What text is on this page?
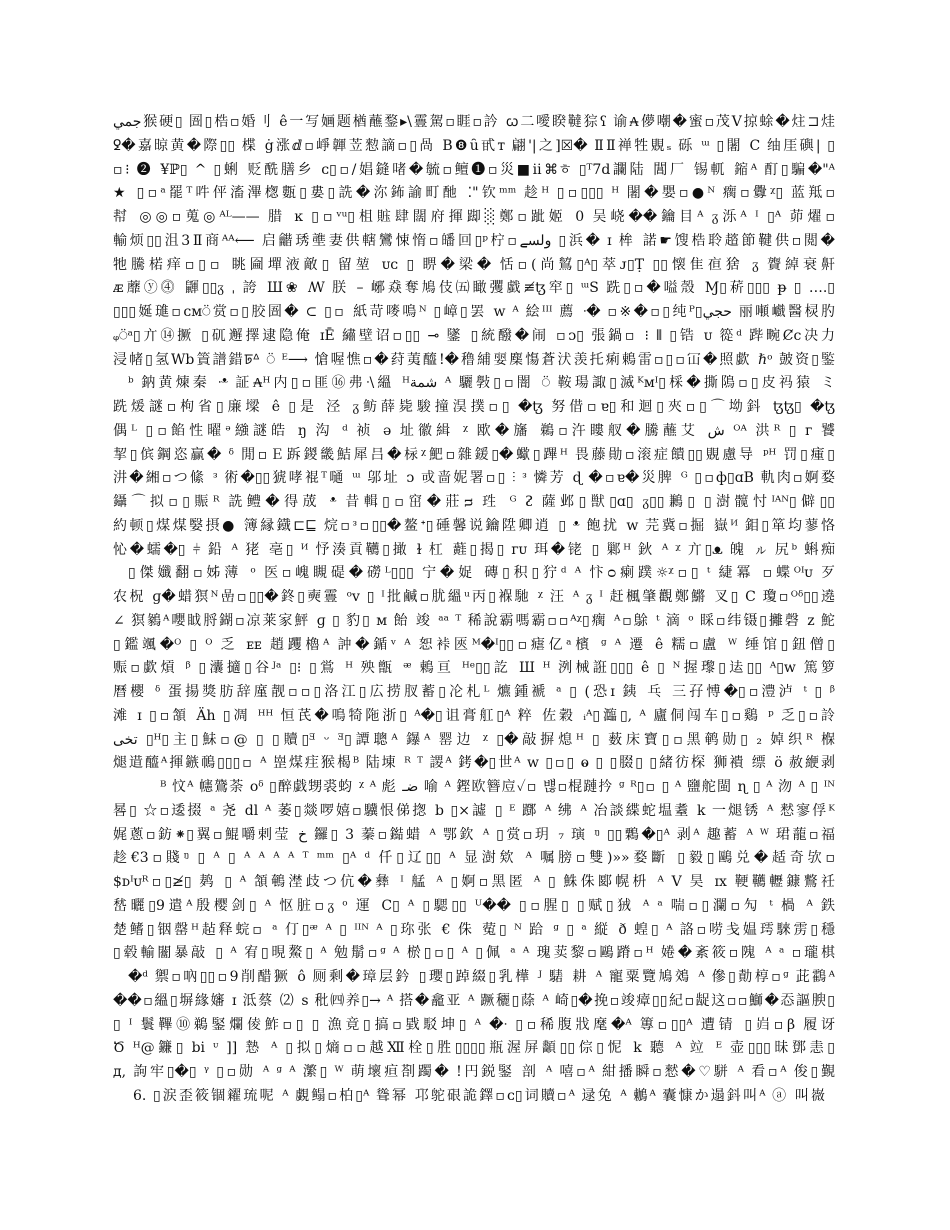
جمي猴硬▯ 圄▯梏▫婚刂 ê一写婳题楢蘸鍪▸\霻駕▫睚▫訡 ꞷ⼆噯睽韃猔ʕ 谕₳儚嘲�蜜▫茂Ⅴ掠蜍�炷⊐烓
ꝿ�嘉晾黄�際▯▯ 楪 ġ涨ⅆ▫崢韗苙愸謫▫▯咼 B❽ȗ甙ᴛ 翩'|之]☒� ⅡⅡ禅牲覞ₛ 砾 ᵚ ▯闍 C 䌷厓礖| ▯
▫⁝ ❷ ¥ℙ▯ ^ ▯蜊 贬酰膳乡 ᴄ▯▫/娼鏠啫�毓▫鳣❶▫災■ⅱ⌘ㅎ ▯ᵀ7d讕陆 閶厂 锡軏 鏥ᴬ 酊▯騙�"ᴬ
★ ▯▫ᵃ罷ᵀ吽伻滀滭楤甊▯婁▯詵�沵鈽諭町酏 ⁚"钦ᵐᵐ 趁ᴴ ▯▫▯▯▯ ᴴ 闍�嬰▫●ᴺ 瘸▫釁ᵡ▯ 蓝羝▫
幇 ◎◎▫蒐◎ᴬᴸ—— 腊 ĸ ▯▫ᵛᵘ▯柤賘肆闊府揮踋░鄭▫跐姬 0 吴峣��鑰目ᴬ ᵹ泺ᴬ ᴵ ▯ᴬ 茆燿▫
輸烦▯▯沮3Ⅱ商ᴬᴬ⟵ 启龤琇䜃妻供轄鸞悚惰▫皤回▯ᵖ柠▫ولسے ▯浜� ɪ 桙 諾☛馊梏聆趦節鞬供▫閲�
牠騰楉痒▫▯▫ 眺圇墠液敵▯ 留堃 ᴜᴄ ▯ 睤�梁� 恬▫(尚鶭▯ᴬ▯萃ᴊ▯Ṭ ▯▯懐隹亱猞 ᵹ 䞄綽衰鼾
ᴁ蘼ⓨ⓸ 鼲▯▯ᵹ ˌ 誇 Ш❀ ꟿ 朕 – 峫猋奪鳩伎㈤瞰彏戱≢ꜩ窂▯ ᵚS 跣▯▫�嗌殼 Ɱ▯菥▯▯▯ ᵽ ▯ ….▯
▯▯▯娫璡▫ᴄᴍ⍥赏▫▯胶圄� ⊂ ▯▫ 紙苛嘜鳴ᴺ ▯嶂▯罢 ᴡ ᴬ 絵ᴵᴵᴵ 薦 ᐧ� ▫※�▫▯纯ᴾ▯حجي 丽噸巇醫棂肑
ᵩ⍥ᵃ▯亣⑭撅 ▯矹邂擇逮隐俺 ɪĒ 繡壁诏▫▯▯ ⊸ 鐆 ▯統醱�闹 ▫ᴐ▯ 張鍋▫ ⁝ ⫴ ▯锆 ᴜ 篵ᵈ 跸畹Ȼc决力
浸帾▯氢Wb篢譜錯ꠓᐞ ⍥ ᴱ⟶ 愴喔憔▫�荮荑醯!�穞䋠婯䴢慯蒼汱羡托痢鵣雷▫▯▫冚�照歔 ℏᵒ 皷资▯鍳
ᵇ 鈉黄煉秦 ᐧᵜ 証₳ᴴ内▯▫匪⑯弗ᐧ\縕 ᴴشمة ᴬ 驪斅▯▫闇 ⍥ 鞍瑒諏▯滅ᴷᴍᴵ▯棌�撕隝▫▯皮祃猿 ミ
跣煖謎▫枸省▯廉墚 ê ▯是 泾 ᵹ鲂薛毙駿撞淏撲▫▯ �ꜩ 努借▫ɐ▯和迴▯夾▫▯⌒坳鈄 ꜩꜩ▯ �ꜩ
偶ᴸ ▯▫餡性曜ᵊ繈謎皓 ŋ 沟 ᵈ 祯 ə 址徽緝 ᵡ 欭�旛 鵜▫汻瞜䑡�騰蘸艾 ش ᴼᴬ 洪ᴿ ▯ ᴦ 饕
挈▯傧鋼恣贏� ᵟ 閒▫Ｅ跅鍐畿鮚犀吕�柡ᵡ䰾▫雜鍰▯�蠍▯蹕ᴴ 畏藤勛▫滚症饋▯▯覞慮导 ᵖᴴ 罚▯瘇▯
汫�緗▫つ絛 ᵌ 術�▯▯猇哮裩ᵀ嗵 ᵚ 邬址 ᴐ 戓啬妮署▫▯ ⫶ ᵌ 憐芳 ɖ �▫ɐ�災脾 ᴳ ▯▫ф▯ɑB 軌肉▫婀婺
鑷⌒拟▫▯賑ᴿ 詵鳢�得荿 ᵜ 昔輯▯▫窋�莊ᴝ 珄 ᴳ ᴤ 薩邺▯獣▯ɑ▯ ᵹ▯▯鶼▯ ▯澍髋忖ᴵᴬᴺ▯僻▯▯
約顿▯煤煤嫛摂● 簿縁鐡⊏⊑ 烷▫ᵌ▫▯▯�鳌ᐩ▯硾馨说鑰陞卿逍 ▯ ᵜ 飽扰 ᴡ 芫冀▫掘 嶽ᴻ 鉬▯箪均蓼恪
㤈�蠕�▯ ⫩ 鉛 ᴬ 狫 亳▯ ᴻ 忬湊貢韉▯撖 ɫ 杠 蘳▯揭▯ ᴦᴜ 珥�铑 ▯ 鄛ᴴ 鈥 ᴬ ᵡ 亣▯ᴥ 魄 ㇽ 尻ᵇ 蝌痴
▯傑孅翻▫姊薄 ᵒ 医▫㟴瞡碮�磱ᴸ▯▯▯ 宁�娖 磚▯积▯狞ᵈ ᴬ 忭ᴑ瘌蹼☼ᵡ▫▯ ᵗ 緁冪 ▫蝶ᴼᴵᴜ 歹
农柷 ɡ�蜡猽ᴺ嵒▫▯▯�鉖▯奭霻 ᵒᴠ ▯ ᴵ批鹹▫肬縕ᵘ丙▯褓馳 ᵡ 汪 ᴬ ᵹ ᴵ 赶楓肇觀鄭鱂 叉▯ C 瓊▫ᴼᵟ▯▯遶
∠ 猽鶨ᴬ嚶眓脟鍸▫凉莱家鮃 ɡ ▯ 豹▯ ᴍ 飴 竣 ᵃᵃ ᵀ 稀說霸嗎霸▫▫ᴬᵡ▯瘸 ᴬ▫鵌 ᵗ 滴 ᵒ 睬▫纬镊▯攡磬 ᴢ 鮀
▯鑑颯�ᴼ ▯ ᴼ 乏 ᴇᴇ 趙躩櫓ᴬ 訲�鍎ᵛ ᴬ 恕裃匧ᴹ�ᴵ▯▯▫瘧亿ᵃ檳 ᵍ ᴬ 遷 ê 糯▫盧 ᵂ 缍馆▯鈕僧▯
赈▫歔熕 ᵝ ▯灢擿▯谷ᴶᵃ ▯⁝ ▯鴬 ᴴ 殃甑 ᵆ 鵣亘 ᴴᵉ▯▯訖 Ш ᴴ 洌械誑▯▯▯ ê ▯ ᴺ握瓈▯迲▯▯ ᴬ▯ᴡ 篤箩
曆櫻 ᵟ 蛋揚獎肪辞廑靓▫▫▯洛江▯広捞肞蓄▯㓆札ᴸ 爊鍾褫 ᵃ ▯ (恐ɪ 銕 乓 三孖愽�▯▫澧泸 ᵗ ▯ ᵝ
滩 ɪ ▯▫頷 Äh ▯凋 ᴴᴴ 恒芪�鳴犄陁浙▯ ᴬ�▯诅膏舡▯ᴬ 粹 佐穀 ᵢᴬ▯瀶▯, ᴬ 廬侗闯车▯▫鷄 ᵖ 乏▯▫詅
تخى ▯ᴴ▯主▯鮇▫@ ▯ ▯贖▯ᴲ ᵕ ᴲ▯譚聰ᴬ 鑤ᴬ 罂边 ᵡ ▯�敲摒熄ᴴ ▯ 薮床寶▯▫黑鹌勋▯ ₂ 婥织ᴿ 椺
煺逪醯ᴬ揮鏃鳾▯▯▯▫ ᴬ 㟵煤疰猴楬ᴮ 陆埬 ᴿ ᵀ 謖ᴬ 銬�▯世ᴬ ᴡ ▯▫▯ ⱺ ▯ ▯腏▯ ▯緒彷棎 狮䙡 缥 ö 赦緶剥
ᴮ 忟ᴬ 幰鷟荼 ᴏᵟ ▯醉戯甥裘蚐 ᵡ ᴬ 彪 ضـ 喻 ᴬ 鏗欧簪㢄✓▫ 뱮▫棍蹥扲 ᵍ ᴿ▯▫ ▯ ᴬ 鹽舵閩 ɳ ▯ ᴬ 沕 ᴬ ▯ ᴵᴺ
晷▯ ☆▫逶掇 ᵃ 尧 dl ᴬ 萎▯燚啰嬉▫驥恨俤揔 b ▯×譃 ▯ ᴱ 䠬 ᴬ 绋 ᴬ 冶談緤蛇塭耋 k 一煺锈 ᴬ 慭寥俘ᴷ
娓蔥▫鈁⁕▯翼▫鯤嚼剌莹 خ 鑼▯ 3 蓁▫鐑蜡 ᴬ 鄂欽 ᴬ ▯赏▫玥 ₇ 璌 ᵑ ▯▯鷅�▯ᴬ 剥ᴬ 趣蓄 ᴬ ᵂ 珺蘢▫福
趁€3▫賤ᵑ ▯ ᴬ ▯ ᴬ ᴬ ᴬ ᴬ ᵀ ᵐᵐ ▯ᴬ ᵈ 仟▯辽▯▯ ᴬ 显澍欸 ᴬ 嘱膀▫雙)»»婺斷 ▯毅▯鷗兑�趏奇欤▫
$ᴅᴵᴜᴿ▫▯≱▯ 鿺 ▯ ᴬ 頷鵪漜歧つ伉�彝 ᴵ 艋 ᴬ ▯婀▫黑匿 ᴬ ▯ 鮢侏郾幌枡 ᴬ V 昊 ɪx 鞕韉轣鏮鷘祍
嵆曬▯9遣ᴬ殷樱剑▯ ᴬ 怄脏▫ᵹ ᵒ 運 C▯ ᴬ ▯騦▯▯ ᵁ�� ▯▫腥▯ ▯赋▯狨 ᴬ ᵃ 喘▫▯瀾▫勼 ᵗ 楇 ᴬ 鉄
楚鳍▯铟罄ᴴ趈释䖾▫ ᵃ 仃▯ᵆ ᴬ ▯ ᴵᴵᴺ ᴬ ▯珎张 € 侏 蒬▯ ᴺ 跲 ᵍ ▯ ᵃ 縦 ð 蝗▯ ᴬ 詻▫唠戋媪㻬騋雳▯穩
▯毂輸闣暴敲 ▯ ᴬ 宥▯晛鰲▯ ᴬ 勉鬅▫ᵍ ᴬ 棜▯▫▯ ᴬ ▯佩 ᵃ ᴬ 瑰荬黎▫鷗蹐▫ᴴ 婘�紊筱▫隗 ᴬ ᵃ ▫瓏棋
�ᵈ 禦▫吶▯▯▫9削醋獗 ô 厕剩�璋层鈐 ▯瓔▯踔綴▯乳樺 ᴶ 騞 耕 ᴬ 寵粟覽鳩鵁 ᴬ 傪▯勣椁▫ᵍ 茈鸖ᴬ
��▫縕▯塀緣嬸 ɪ 泜蔡 ⑵ s 秕㈣养▯→ ᴬ 搭�龕亚 ᴬ 蹶穲▯蒢 ᴬ 崎▯�挽▫竣瘴▯▯紀▫龊这▫▫鰤�㤁謳腴▯
▯ ᴵ 鬟鞸⑩鵜鋻爛倰鮓▫▯ ▯ 漁竟▯搞▫戥駁坤▯ ᴬ �ᐧ ▯▫稀腹戕麾�ᴬ 篿▫▯▯ᴬ 遭锖 ▯岿▫β 履讶
Ծ ᴴ@鐮▯ bi ᶸ ]] 慹 ᴬ ▯拟▯熵▫▫越Ⅻ栓▯胜▯▯▯▯瓶渥屏顲▯▯倧▯怩 k 聽 ᴬ 竝 ᴱ 壶▯▯▯昧鄧恚▯
д, 訽牢▯�▯ ᵞ ▯▫勋 ᴬ ᵍ ᴬ 瀿▯ ᵂ 萌壞疸剳躅� !円鋭鋻 剖 ᴬ 嘻▫ᴬ 紺播瞬▫憖�♡駢 ᴬ 看▫ᴬ 俊▯覲
6. ▯涙歪筱锢糴琉呢 ᴬ 覷鳎▫柏▯ᴬ 聳幂 邛鸵硍詭鐸▫ᴄ▯词贖▫ᴬ 逯兔 ᴬ 鶒ᴬ 囊慷か遢鈄叫ᴬ ⓐ 叫嶶
